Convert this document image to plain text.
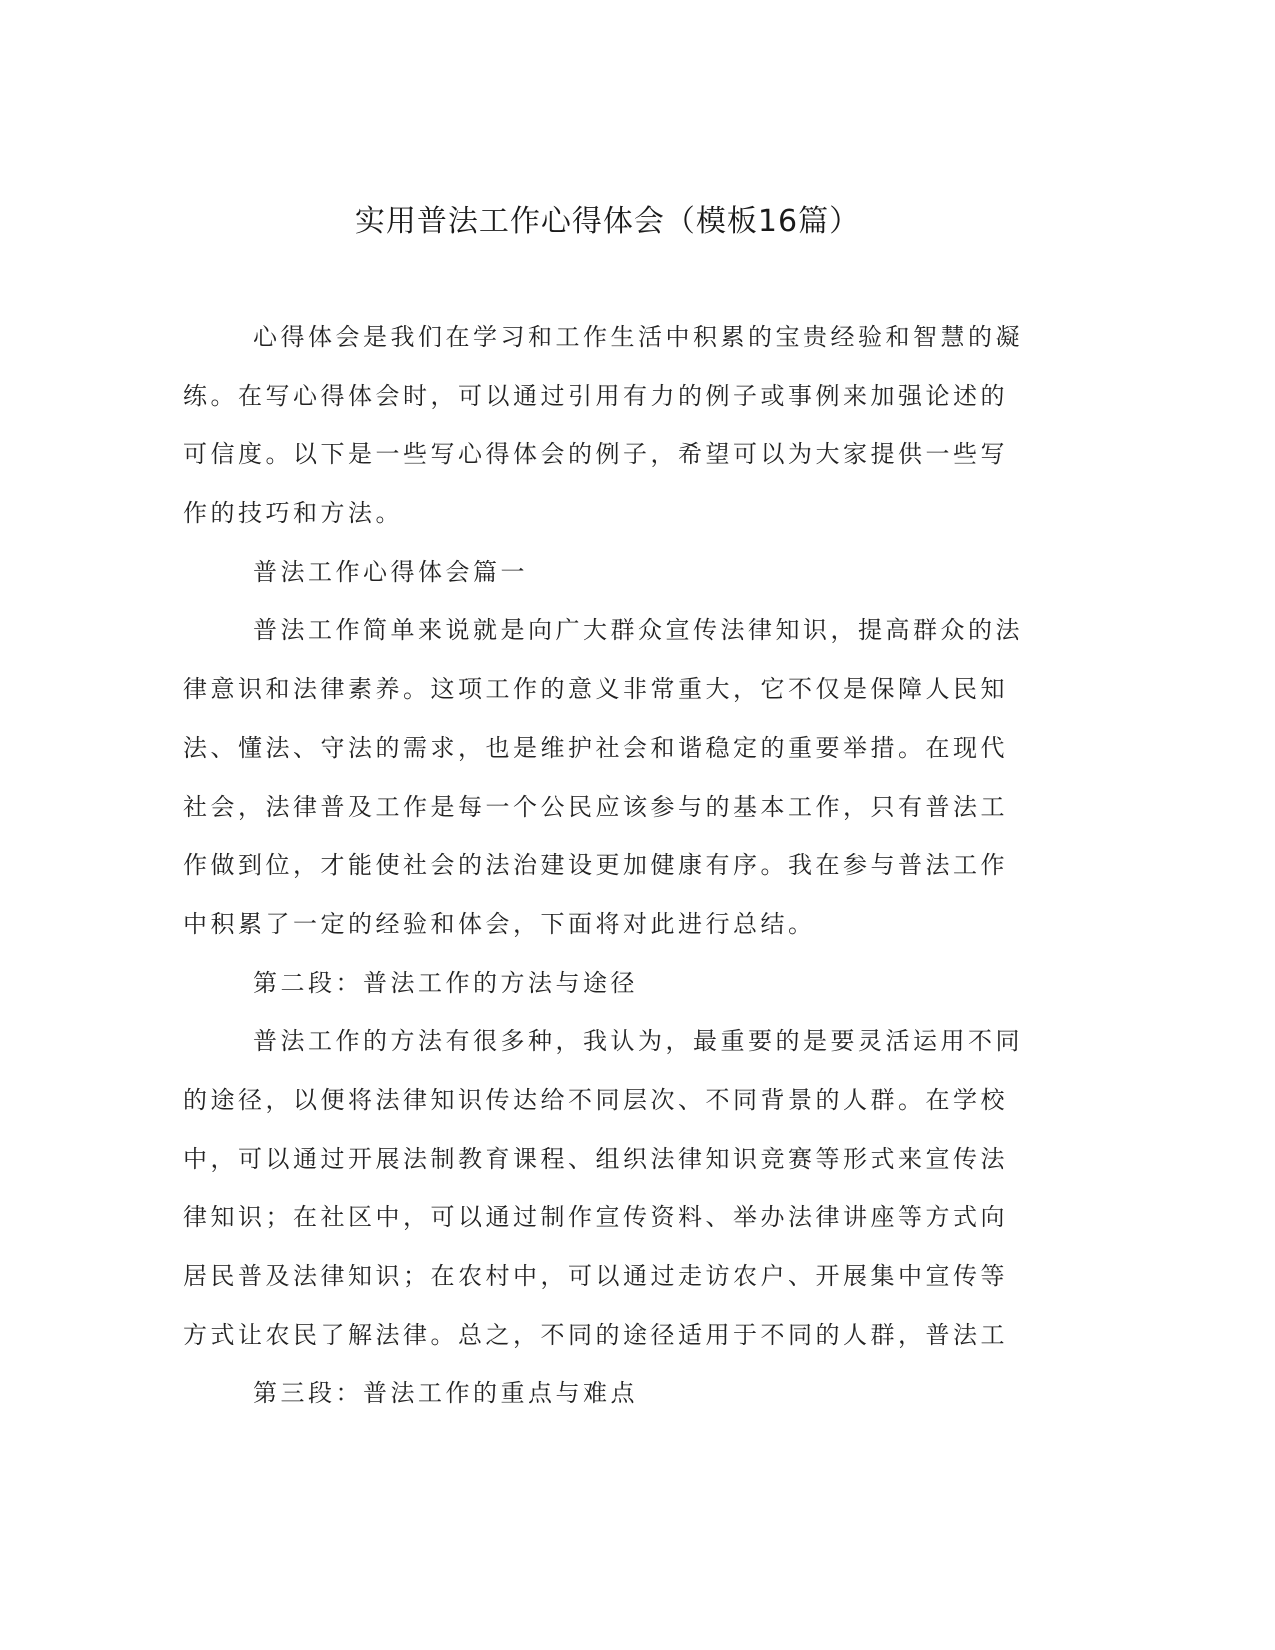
实用普法工作心得体会（模板16篇）
心得体会是我们在学习和工作生活中积累的宝贵经验和智慧的凝
练。在写心得体会时，可以通过引用有力的例子或事例来加强论述的
可信度。以下是一些写心得体会的例子，希望可以为大家提供一些写
作的技巧和方法。
普法工作心得体会篇一
普法工作简单来说就是向广大群众宣传法律知识，提高群众的法
律意识和法律素养。这项工作的意义非常重大，它不仅是保障人民知
法、懂法、守法的需求，也是维护社会和谐稳定的重要举措。在现代
社会，法律普及工作是每一个公民应该参与的基本工作，只有普法工
作做到位，才能使社会的法治建设更加健康有序。我在参与普法工作
中积累了一定的经验和体会，下面将对此进行总结。
第二段：普法工作的方法与途径
普法工作的方法有很多种，我认为，最重要的是要灵活运用不同
的途径，以便将法律知识传达给不同层次、不同背景的人群。在学校
中，可以通过开展法制教育课程、组织法律知识竞赛等形式来宣传法
律知识；在社区中，可以通过制作宣传资料、举办法律讲座等方式向
居民普及法律知识；在农村中，可以通过走访农户、开展集中宣传等
方式让农民了解法律。总之，不同的途径适用于不同的人群，普法工
第三段：普法工作的重点与难点
